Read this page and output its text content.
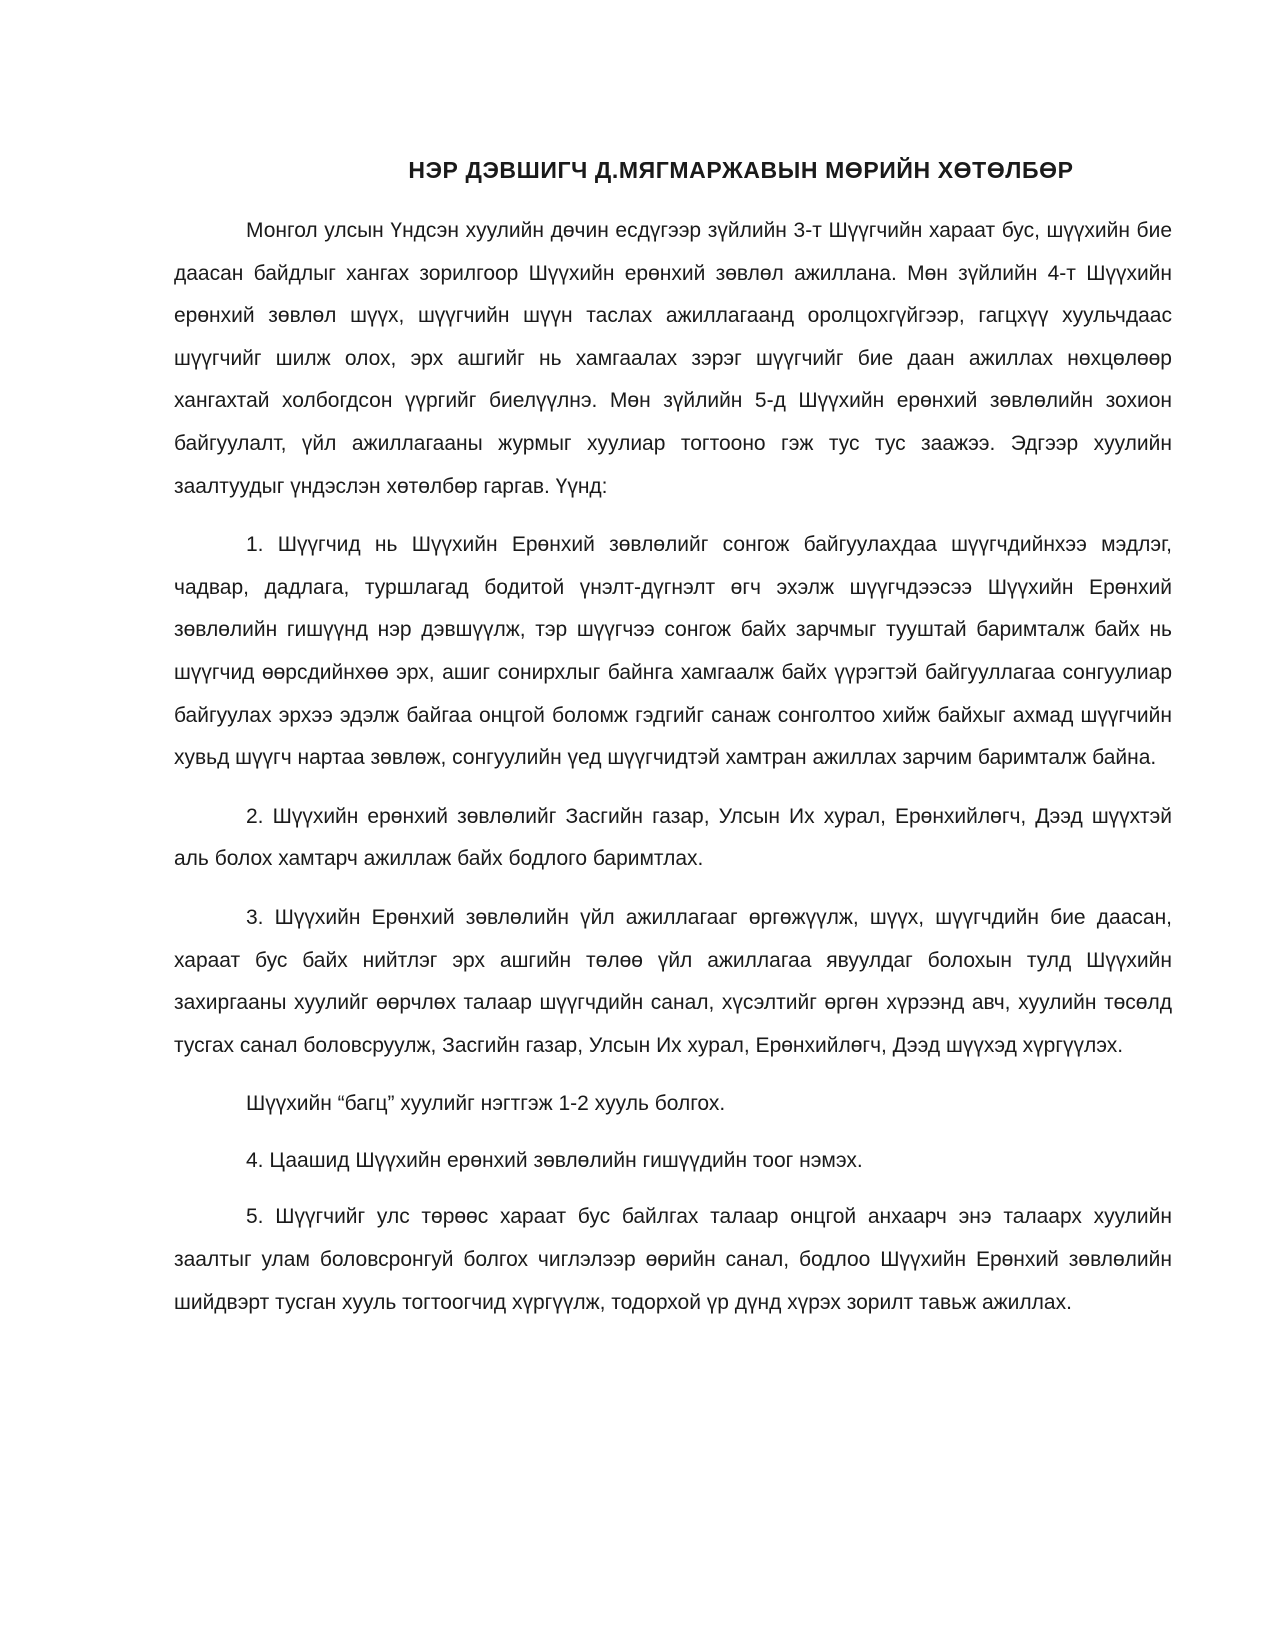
НЭР ДЭВШИГЧ Д.МЯГМАРЖАВЫН МӨРИЙН ХӨТӨЛБӨР

Монгол улсын Үндсэн хуулийн дөчин есдүгээр зүйлийн 3-т Шүүгчийн хараат бус, шүүхийн бие даасан байдлыг хангах зорилгоор Шүүхийн ерөнхий зөвлөл ажиллана. Мөн зүйлийн 4-т Шүүхийн ерөнхий зөвлөл шүүх, шүүгчийн шүүн таслах ажиллагаанд оролцохгүйгээр, гагцхүү хуульчдаас шүүгчийг шилж олох, эрх ашгийг нь хамгаалах зэрэг шүүгчийг бие даан ажиллах нөхцөлөөр хангахтай холбогдсон үүргийг биелүүлнэ. Мөн зүйлийн 5-д Шүүхийн ерөнхий зөвлөлийн зохион байгуулалт, үйл ажиллагааны журмыг хуулиар тогтооно гэж тус тус заажээ. Эдгээр хуулийн заалтуудыг үндэслэн хөтөлбөр гаргав. Үүнд:

1. Шүүгчид нь Шүүхийн Ерөнхий зөвлөлийг сонгож байгуулахдаа шүүгчдийнхээ мэдлэг, чадвар, дадлага, туршлагад бодитой үнэлт-дүгнэлт өгч эхэлж шүүгчдээсээ Шүүхийн Ерөнхий зөвлөлийн гишүүнд нэр дэвшүүлж, тэр шүүгчээ сонгож байх зарчмыг тууштай баримталж байх нь шүүгчид өөрсдийнхөө эрх, ашиг сонирхлыг байнга хамгаалж байх үүрэгтэй байгууллагаа сонгуулиар байгуулах эрхээ эдэлж байгаа онцгой боломж гэдгийг санаж сонголтоо хийж байхыг ахмад шүүгчийн хувьд шүүгч нартаа зөвлөж, сонгуулийн үед шүүгчидтэй хамтран ажиллах зарчим баримталж байна.

2. Шүүхийн ерөнхий зөвлөлийг Засгийн газар, Улсын Их хурал, Ерөнхийлөгч, Дээд шүүхтэй аль болох хамтарч ажиллаж байх бодлого баримтлах.

3. Шүүхийн Ерөнхий зөвлөлийн үйл ажиллагааг өргөжүүлж, шүүх, шүүгчдийн бие даасан, хараат бус байх нийтлэг эрх ашгийн төлөө үйл ажиллагаа явуулдаг болохын тулд Шүүхийн захиргааны хуулийг өөрчлөх талаар шүүгчдийн санал, хүсэлтийг өргөн хүрээнд авч, хуулийн төсөлд тусгах санал боловсруулж, Засгийн газар, Улсын Их хурал, Ерөнхийлөгч, Дээд шүүхэд хүргүүлэх.

Шүүхийн “багц” хуулийг нэгтгэж 1-2 хууль болгох.

4. Цаашид Шүүхийн ерөнхий зөвлөлийн гишүүдийн тоог нэмэх.

5. Шүүгчийг улс төрөөс хараат бус байлгах талаар онцгой анхаарч энэ талаарх хуулийн заалтыг улам боловсронгуй болгох чиглэлээр өөрийн санал, бодлоо Шүүхийн Ерөнхий зөвлөлийн шийдвэрт тусган хууль тогтоогчид хүргүүлж, тодорхой үр дүнд хүрэх зорилт тавьж ажиллах.
